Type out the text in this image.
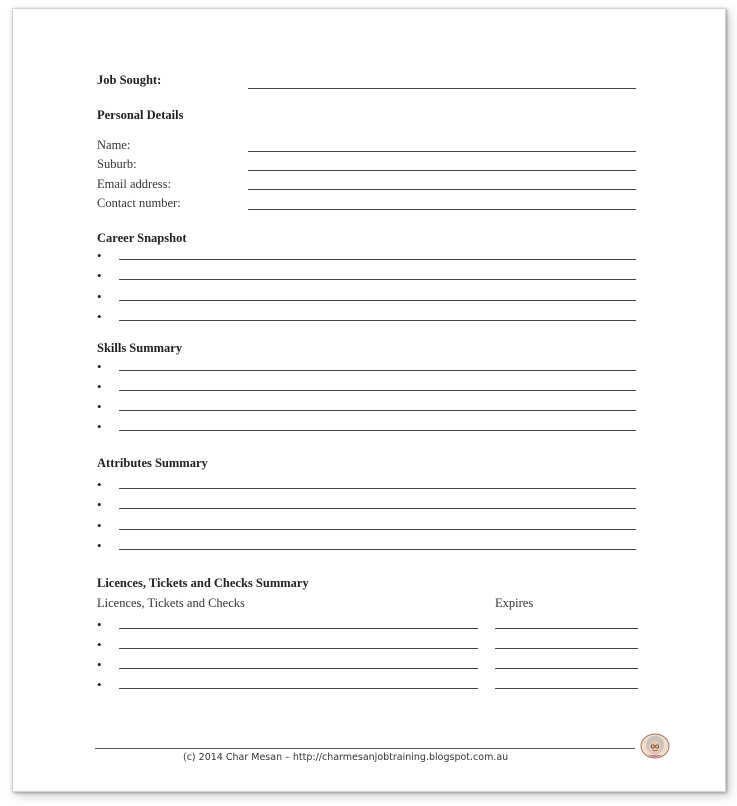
Job Sought:
Personal Details
Name:
Suburb:
Email address:
Contact number:
Career Snapshot
•
•
•
•
Skills Summary
•
•
•
•
Attributes Summary
•
•
•
•
Licences, Tickets and Checks Summary
Licences, Tickets and Checks	Expires
•
•
•
•
(c) 2014 Char Mesan – http://charmesanjobtraining.blogspot.com.au
